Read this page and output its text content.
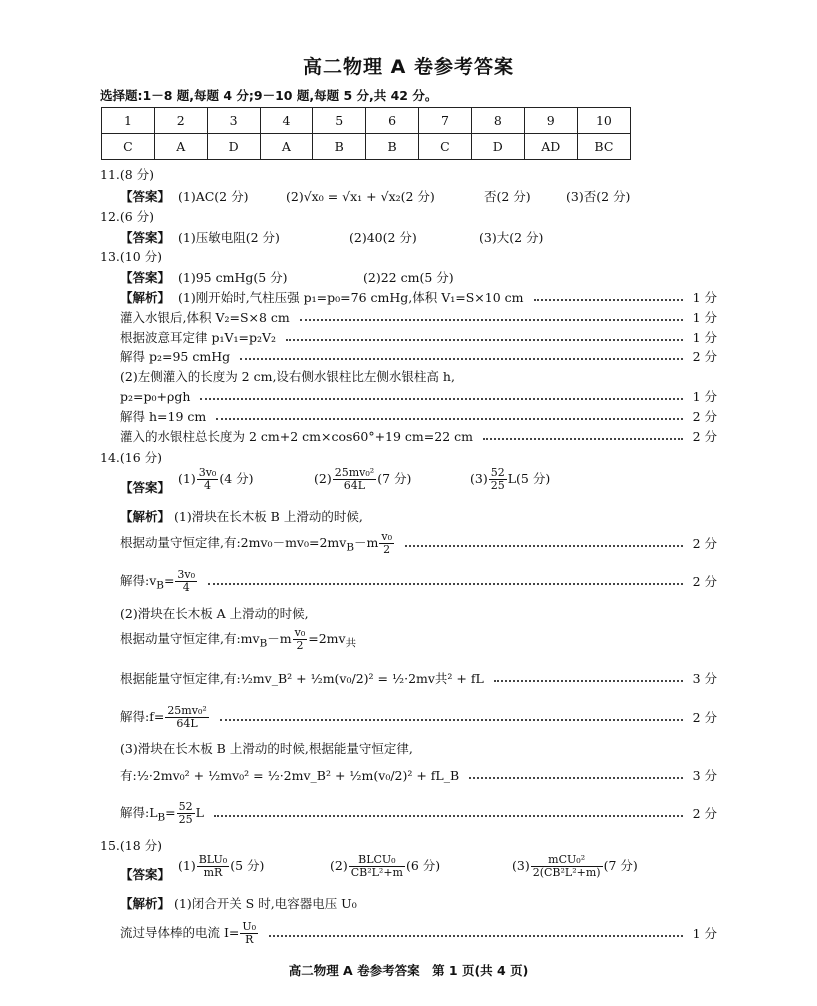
高二物理 A 卷参考答案
选择题:1－8 题,每题 4 分;9－10 题,每题 5 分,共 42 分。
1	2	3	4	5	6	7	8	9	10
C	A	D	A	B	B	C	D	AD	BC
11.(8 分)
【答案】 (1)AC(2 分)	(2)√x₀ = √x₁ + √x₂(2 分)	否(2 分)	(3)否(2 分)
12.(6 分)
【答案】 (1)压敏电阻(2 分)	(2)40(2 分)	(3)大(2 分)
13.(10 分)
【答案】 (1)95 cmHg(5 分)	(2)22 cm(5 分)
【解析】 (1)刚开始时,气柱压强 p₁=p₀=76 cmHg,体积 V₁=S×10 cm	1 分
灌入水银后,体积 V₂=S×8 cm	1 分
根据波意耳定律 p₁V₁=p₂V₂	1 分
解得 p₂=95 cmHg	2 分
(2)左侧灌入的长度为 2 cm,设右侧水银柱比左侧水银柱高 h,
p₂=p₀+ρgh	1 分
解得 h=19 cm	2 分
灌入的水银柱总长度为 2 cm+2 cm×cos60°+19 cm=22 cm	2 分
14.(16 分)
【答案】
$(1) \frac{\text{3v₀}}{4} (4$ 分)	$(2) \frac{\text{25mv₀²}}{64L} (7$ 分)	$(3) \frac{52}{25} L(5$ 分)
【解析】 (1)滑块在长木板 B 上滑动的时候,
根据动量守恒定律,有$:2mv_0-mv_0=2mv_B-m \frac{\text{v₀}}{2}$	2 分
解得$:v_B= \frac{\text{3v₀}}{4}$	2 分
(2)滑块在长木板 A 上滑动的时候,
根据动量守恒定律,有$:mv_B-m \frac{\text{v₀}}{2} =2mv_共$
根据能量守恒定律,有:½mv_B² + ½m(v₀/2)² = ½·2mv共² + fL	3 分
解得:f= $\frac{\text{25mv₀²}}{64L}$	2 分
(3)滑块在长木板 B 上滑动的时候,根据能量守恒定律,
有:½·2mv₀² + ½mv₀² = ½·2mv_B² + ½m(v₀/2)² + fL_B	3 分
解得$:L_B= \frac{52}{25}$ L	2 分
15.(18 分)
【答案】
$(1) \frac{\text{BLU₀}}{mR} (5$ 分)	$(2) \frac{\text{BLCU₀}}{\text{CB²L²+m}} (6$ 分)	$(3) \frac{\text{mCU₀²}}{\text{2(CB²L²+m)}} (7$ 分)
【解析】 (1)闭合开关 S 时,电容器电压 U₀
流过导体棒的电流 $I= \frac{\text{U₀}}{R}$	1 分
高二物理 A 卷参考答案　第 1 页(共 4 页)
